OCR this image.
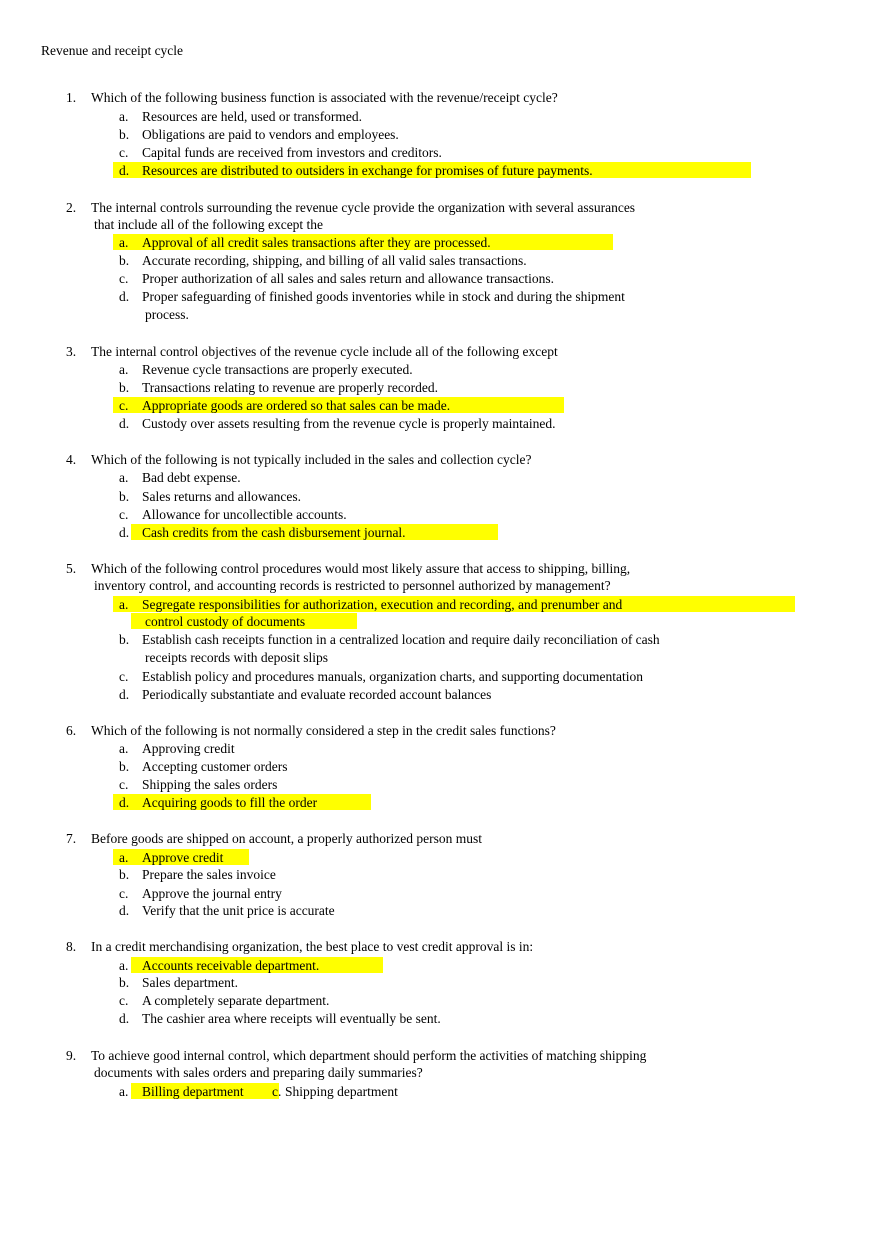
Revenue and receipt cycle
1. Which of the following business function is associated with the revenue/receipt cycle?
a. Resources are held, used or transformed.
b. Obligations are paid to vendors and employees.
c. Capital funds are received from investors and creditors.
d. Resources are distributed to outsiders in exchange for promises of future payments.
2. The internal controls surrounding the revenue cycle provide the organization with several assurances
that include all of the following except the
a. Approval of all credit sales transactions after they are processed.
b. Accurate recording, shipping, and billing of all valid sales transactions.
c. Proper authorization of all sales and sales return and allowance transactions.
d. Proper safeguarding of finished goods inventories while in stock and during the shipment
process.
3. The internal control objectives of the revenue cycle include all of the following except
a. Revenue cycle transactions are properly executed.
b. Transactions relating to revenue are properly recorded.
c. Appropriate goods are ordered so that sales can be made.
d. Custody over assets resulting from the revenue cycle is properly maintained.
4. Which of the following is not typically included in the sales and collection cycle?
a. Bad debt expense.
b. Sales returns and allowances.
c. Allowance for uncollectible accounts.
d. Cash credits from the cash disbursement journal.
5. Which of the following control procedures would most likely assure that access to shipping, billing,
inventory control, and accounting records is restricted to personnel authorized by management?
a. Segregate responsibilities for authorization, execution and recording, and prenumber and
control custody of documents
b. Establish cash receipts function in a centralized location and require daily reconciliation of cash
receipts records with deposit slips
c. Establish policy and procedures manuals, organization charts, and supporting documentation
d. Periodically substantiate and evaluate recorded account balances
6. Which of the following is not normally considered a step in the credit sales functions?
a. Approving credit
b. Accepting customer orders
c. Shipping the sales orders
d. Acquiring goods to fill the order
7. Before goods are shipped on account, a properly authorized person must
a. Approve credit
b. Prepare the sales invoice
c. Approve the journal entry
d. Verify that the unit price is accurate
8. In a credit merchandising organization, the best place to vest credit approval is in:
a. Accounts receivable department.
b. Sales department.
c. A completely separate department.
d. The cashier area where receipts will eventually be sent.
9. To achieve good internal control, which department should perform the activities of matching shipping
documents with sales orders and preparing daily summaries?
a. Billing department c. Shipping department
